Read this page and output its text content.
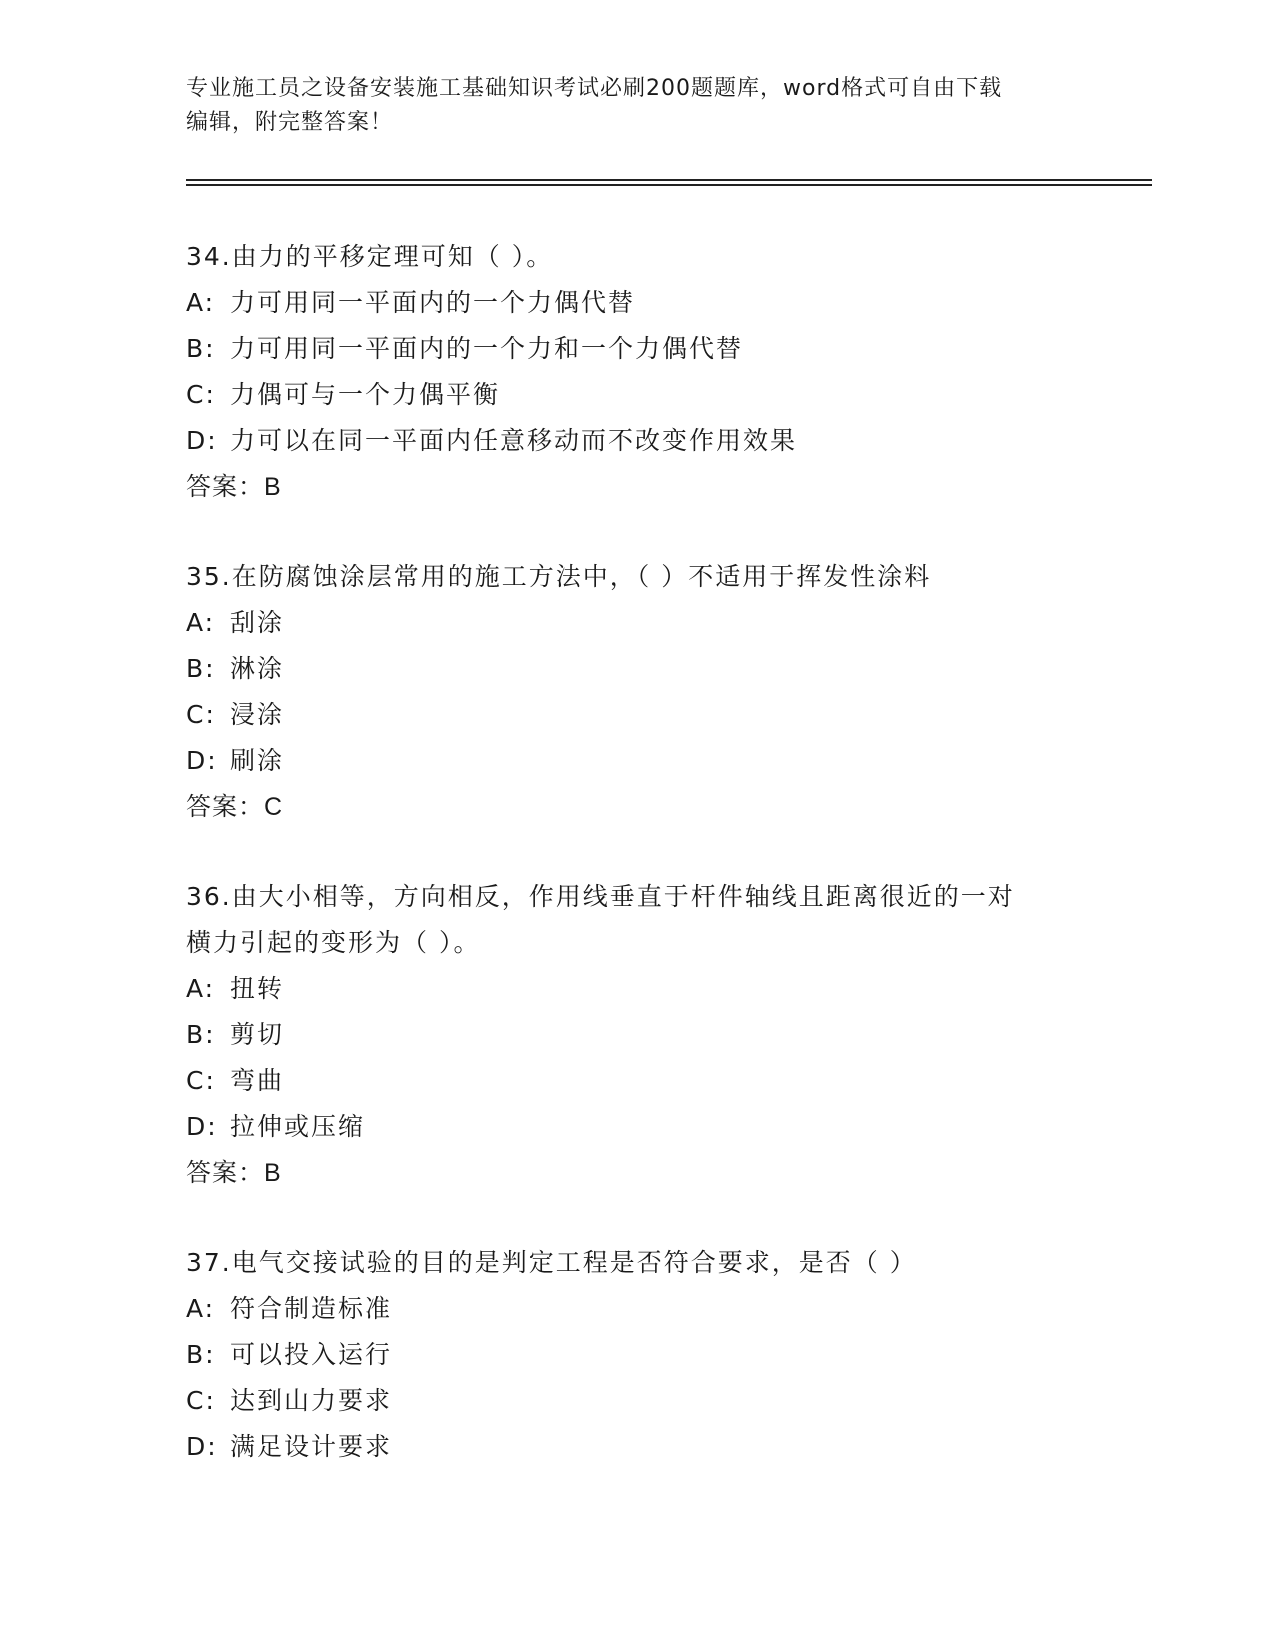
专业施工员之设备安装施工基础知识考试必刷200题题库，word格式可自由下载
编辑，附完整答案！
34.由力的平移定理可知（ ）。
A: 力可用同一平面内的一个力偶代替
B: 力可用同一平面内的一个力和一个力偶代替
C: 力偶可与一个力偶平衡
D: 力可以在同一平面内任意移动而不改变作用效果
答案：B
35.在防腐蚀涂层常用的施工方法中，（ ）不适用于挥发性涂料
A: 刮涂
B: 淋涂
C: 浸涂
D: 刷涂
答案：C
36.由大小相等，方向相反，作用线垂直于杆件轴线且距离很近的一对
横力引起的变形为（ ）。
A: 扭转
B: 剪切
C: 弯曲
D: 拉伸或压缩
答案：B
37.电气交接试验的目的是判定工程是否符合要求，是否（ ）
A: 符合制造标准
B: 可以投入运行
C: 达到山力要求
D: 满足设计要求
